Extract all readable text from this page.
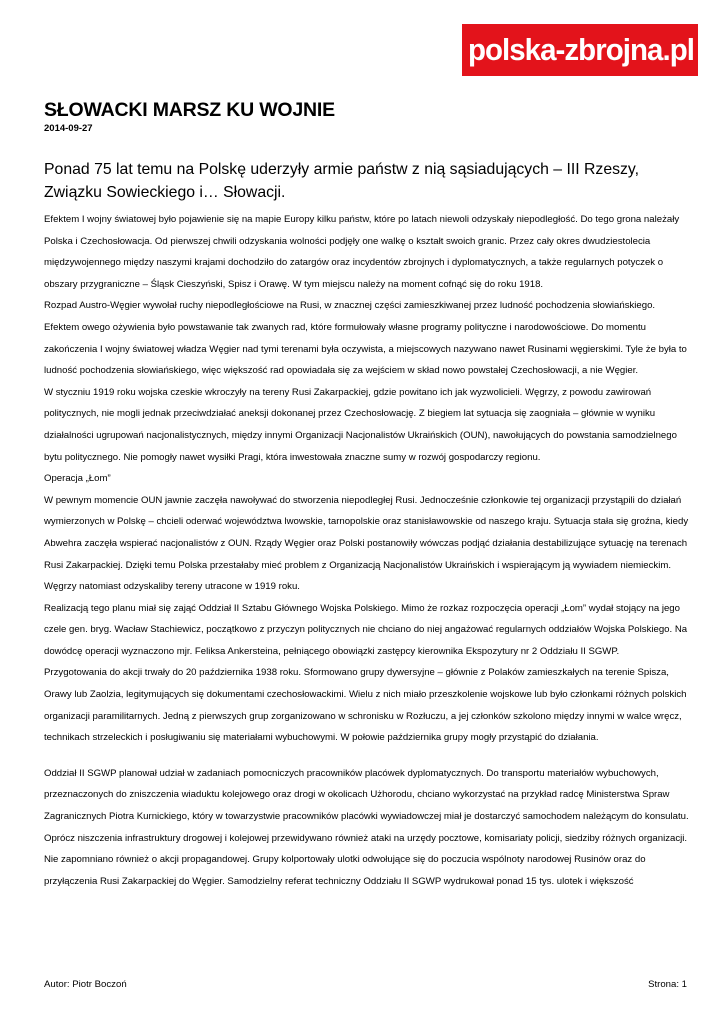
polska-zbrojna.pl
SŁOWACKI MARSZ KU WOJNIE
2014-09-27
Ponad 75 lat temu na Polskę uderzyły armie państw z nią sąsiadujących – III Rzeszy, Związku Sowieckiego i… Słowacji.

Efektem I wojny światowej było pojawienie się na mapie Europy kilku państw, które po latach niewoli odzyskały niepodległość. Do tego grona należały Polska i Czechosłowacja. Od pierwszej chwili odzyskania wolności podjęły one walkę o kształt swoich granic. Przez cały okres dwudziestolecia międzywojennego między naszymi krajami dochodziło do zatargów oraz incydentów zbrojnych i dyplomatycznych, a także regularnych potyczek o obszary przygraniczne – Śląsk Cieszyński, Spisz i Orawę. W tym miejscu należy na moment cofnąć się do roku 1918.

Rozpad Austro-Węgier wywołał ruchy niepodległościowe na Rusi, w znacznej części zamieszkiwanej przez ludność pochodzenia słowiańskiego. Efektem owego ożywienia było powstawanie tak zwanych rad, które formułowały własne programy polityczne i narodowościowe. Do momentu zakończenia I wojny światowej władza Węgier nad tymi terenami była oczywista, a miejscowych nazywano nawet Rusinami węgierskimi. Tyle że była to ludność pochodzenia słowiańskiego, więc większość rad opowiadała się za wejściem w skład nowo powstałej Czechosłowacji, a nie Węgier.

W styczniu 1919 roku wojska czeskie wkroczyły na tereny Rusi Zakarpackiej, gdzie powitano ich jak wyzwolicieli. Węgrzy, z powodu zawirowań politycznych, nie mogli jednak przeciwdziałać aneksji dokonanej przez Czechosłowację. Z biegiem lat sytuacja się zaogniała – głównie w wyniku działalności ugrupowań nacjonalistycznych, między innymi Organizacji Nacjonalistów Ukraińskich (OUN), nawołujących do powstania samodzielnego bytu politycznego. Nie pomogły nawet wysiłki Pragi, która inwestowała znaczne sumy w rozwój gospodarczy regionu.

Operacja „Łom”

W pewnym momencie OUN jawnie zaczęła nawoływać do stworzenia niepodległej Rusi. Jednocześnie członkowie tej organizacji przystąpili do działań wymierzonych w Polskę – chcieli oderwać województwa lwowskie, tarnopolskie oraz stanisławowskie od naszego kraju. Sytuacja stała się groźna, kiedy Abwehra zaczęła wspierać nacjonalistów z OUN. Rządy Węgier oraz Polski postanowiły wówczas podjąć działania destabilizujące sytuację na terenach Rusi Zakarpackiej. Dzięki temu Polska przestałaby mieć problem z Organizacją Nacjonalistów Ukraińskich i wspierającym ją wywiadem niemieckim. Węgrzy natomiast odzyskaliby tereny utracone w 1919 roku.

Realizacją tego planu miał się zająć Oddział II Sztabu Głównego Wojska Polskiego. Mimo że rozkaz rozpoczęcia operacji „Łom” wydał stojący na jego czele gen. bryg. Wacław Stachiewicz, początkowo z przyczyn politycznych nie chciano do niej angażować regularnych oddziałów Wojska Polskiego. Na dowódcę operacji wyznaczono mjr. Feliksa Ankersteina, pełniącego obowiązki zastępcy kierownika Ekspozytury nr 2 Oddziału II SGWP.

Przygotowania do akcji trwały do 20 października 1938 roku. Sformowano grupy dywersyjne – głównie z Polaków zamieszkałych na terenie Spisza, Orawy lub Zaolzia, legitymujących się dokumentami czechosłowackimi. Wielu z nich miało przeszkolenie wojskowe lub było członkami różnych polskich organizacji paramilitarnych. Jedną z pierwszych grup zorganizowano w schronisku w Rozłuczu, a jej członków szkolono między innymi w walce wręcz, technikach strzeleckich i posługiwaniu się materiałami wybuchowymi. W połowie października grupy mogły przystąpić do działania.

Oddział II SGWP planował udział w zadaniach pomocniczych pracowników placówek dyplomatycznych. Do transportu materiałów wybuchowych, przeznaczonych do zniszczenia wiaduktu kolejowego oraz drogi w okolicach Użhorodu, chciano wykorzystać na przykład radcę Ministerstwa Spraw Zagranicznych Piotra Kurnickiego, który w towarzystwie pracowników placówki wywiadowczej miał je dostarczyć samochodem należącym do konsulatu.

Oprócz niszczenia infrastruktury drogowej i kolejowej przewidywano również ataki na urzędy pocztowe, komisariaty policji, siedziby różnych organizacji. Nie zapomniano również o akcji propagandowej. Grupy kolportowały ulotki odwołujące się do poczucia wspólnoty narodowej Rusinów oraz do przyłączenia Rusi Zakarpackiej do Węgier. Samodzielny referat techniczny Oddziału II SGWP wydrukował ponad 15 tys. ulotek i większość

Autor: Piotr Boczoń	Strona: 1
